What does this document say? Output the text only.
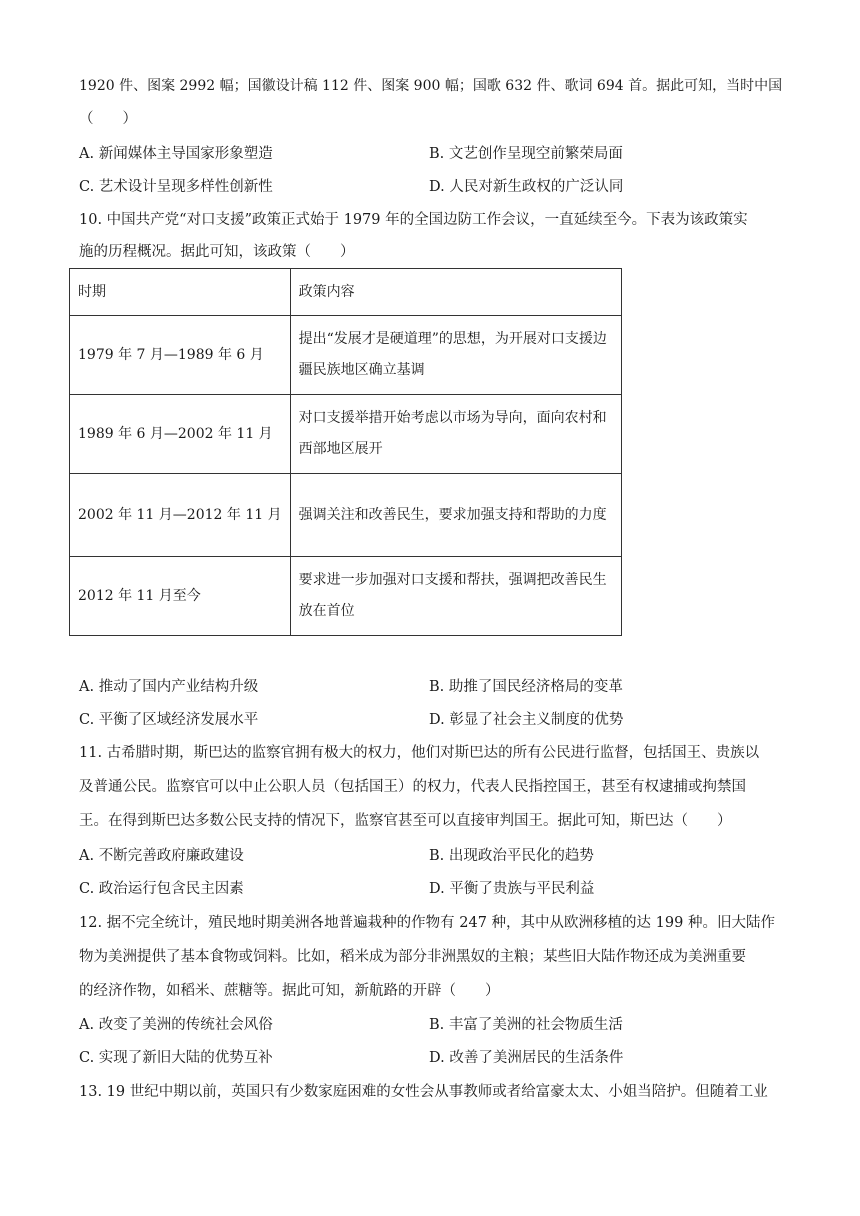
1920 件、图案 2992 幅；国徽设计稿 112 件、图案 900 幅；国歌 632 件、歌词 694 首。据此可知，当时中国
（　　）
A. 新闻媒体主导国家形象塑造	B. 文艺创作呈现空前繁荣局面
C. 艺术设计呈现多样性创新性	D. 人民对新生政权的广泛认同
10. 中国共产党“对口支援”政策正式始于 1979 年的全国边防工作会议，一直延续至今。下表为该政策实
施的历程概况。据此可知，该政策（　　）
时期	政策内容
1979 年 7 月—1989 年 6 月	提出“发展才是硬道理”的思想，为开展对口支援边疆民族地区确立基调
1989 年 6 月—2002 年 11 月	对口支援举措开始考虑以市场为导向，面向农村和西部地区展开
2002 年 11 月—2012 年 11 月	强调关注和改善民生，要求加强支持和帮助的力度
2012 年 11 月至今	要求进一步加强对口支援和帮扶，强调把改善民生放在首位
A. 推动了国内产业结构升级	B. 助推了国民经济格局的变革
C. 平衡了区域经济发展水平	D. 彰显了社会主义制度的优势
11. 古希腊时期，斯巴达的监察官拥有极大的权力，他们对斯巴达的所有公民进行监督，包括国王、贵族以
及普通公民。监察官可以中止公职人员（包括国王）的权力，代表人民指控国王，甚至有权逮捕或拘禁国
王。在得到斯巴达多数公民支持的情况下，监察官甚至可以直接审判国王。据此可知，斯巴达（　　）
A. 不断完善政府廉政建设	B. 出现政治平民化的趋势
C. 政治运行包含民主因素	D. 平衡了贵族与平民利益
12. 据不完全统计，殖民地时期美洲各地普遍栽种的作物有 247 种，其中从欧洲移植的达 199 种。旧大陆作
物为美洲提供了基本食物或饲料。比如，稻米成为部分非洲黑奴的主粮；某些旧大陆作物还成为美洲重要
的经济作物，如稻米、蔗糖等。据此可知，新航路的开辟（　　）
A. 改变了美洲的传统社会风俗	B. 丰富了美洲的社会物质生活
C. 实现了新旧大陆的优势互补	D. 改善了美洲居民的生活条件
13. 19 世纪中期以前，英国只有少数家庭困难的女性会从事教师或者给富豪太太、小姐当陪护。但随着工业
